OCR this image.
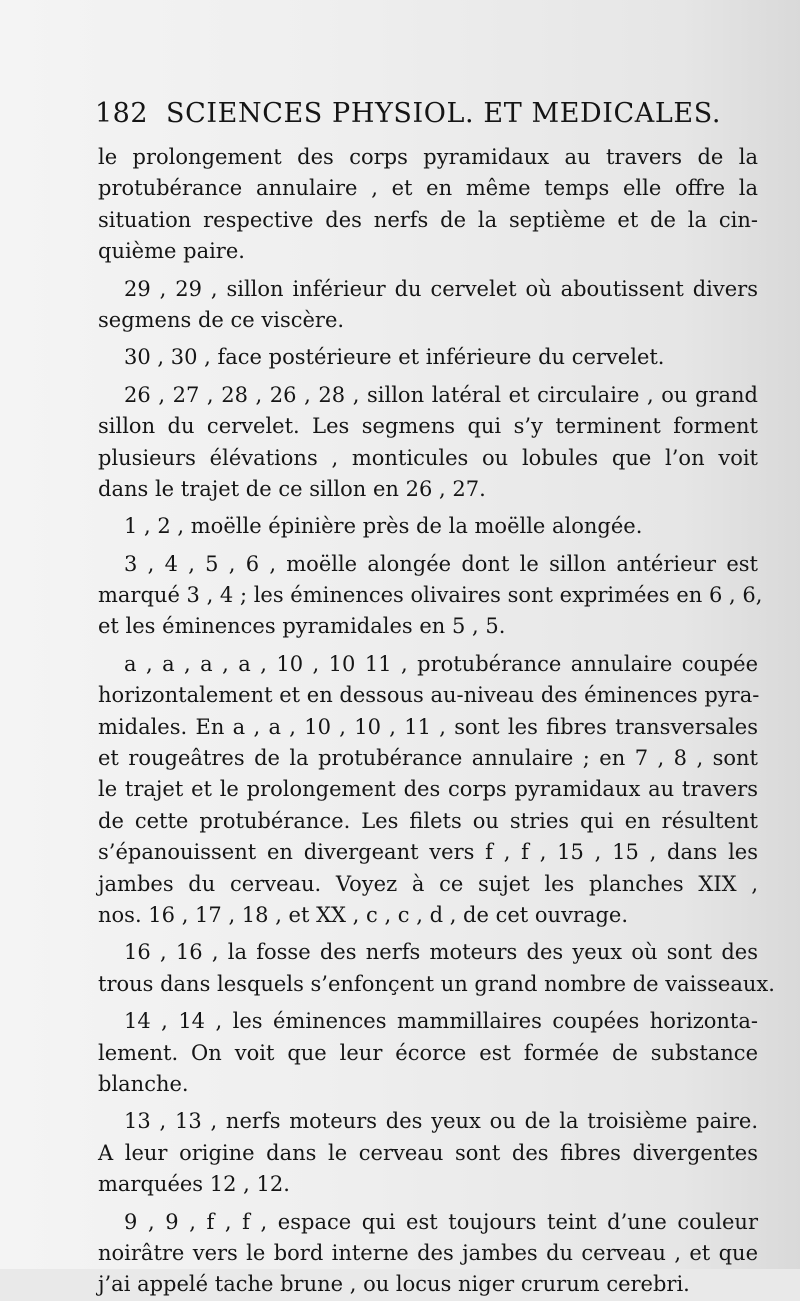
182 SCIENCES PHYSIOL. ET MEDICALES.
le prolongement des corps pyramidaux au travers de la
protubérance annulaire , et en même temps elle offre la
situation respective des nerfs de la septième et de la cin-
quième paire.
29 , 29 , sillon inférieur du cervelet où aboutissent divers
segmens de ce viscère.
30 , 30 , face postérieure et inférieure du cervelet.
26 , 27 , 28 , 26 , 28 , sillon latéral et circulaire , ou grand
sillon du cervelet. Les segmens qui s’y terminent forment
plusieurs élévations , monticules ou lobules que l’on voit
dans le trajet de ce sillon en 26 , 27.
1 , 2 , moëlle épinière près de la moëlle alongée.
3 , 4 , 5 , 6 , moëlle alongée dont le sillon antérieur est
marqué 3 , 4 ; les éminences olivaires sont exprimées en 6 , 6,
et les éminences pyramidales en 5 , 5.
a , a , a , a , 10 , 10 11 , protubérance annulaire coupée
horizontalement et en dessous au-niveau des éminences pyra-
midales. En a , a , 10 , 10 , 11 , sont les fibres transversales
et rougeâtres de la protubérance annulaire ; en 7 , 8 , sont
le trajet et le prolongement des corps pyramidaux au travers
de cette protubérance. Les filets ou stries qui en résultent
s’épanouissent en divergeant vers f , f , 15 , 15 , dans les
jambes du cerveau. Voyez à ce sujet les planches XIX ,
nos. 16 , 17 , 18 , et XX , c , c , d , de cet ouvrage.
16 , 16 , la fosse des nerfs moteurs des yeux où sont des
trous dans lesquels s’enfonçent un grand nombre de vaisseaux.
14 , 14 , les éminences mammillaires coupées horizonta-
lement. On voit que leur écorce est formée de substance
blanche.
13 , 13 , nerfs moteurs des yeux ou de la troisième paire.
A leur origine dans le cerveau sont des fibres divergentes
marquées 12 , 12.
9 , 9 , f , f , espace qui est toujours teint d’une couleur
noirâtre vers le bord interne des jambes du cerveau , et que
j’ai appelé tache brune , ou locus niger crurum cerebri.
